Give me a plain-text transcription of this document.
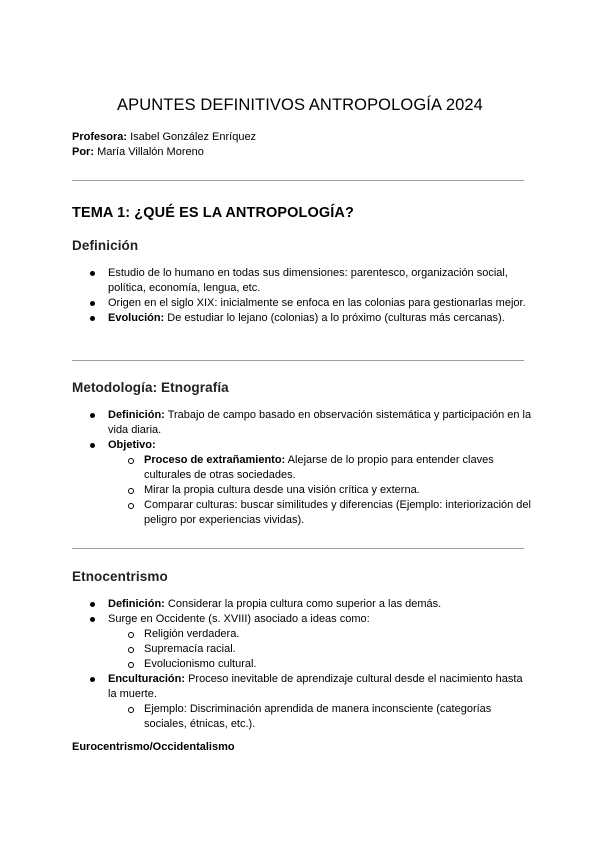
APUNTES DEFINITIVOS ANTROPOLOGÍA 2024
Profesora: Isabel González Enríquez
Por: María Villalón Moreno
TEMA 1: ¿QUÉ ES LA ANTROPOLOGÍA?
Definición
Estudio de lo humano en todas sus dimensiones: parentesco, organización social, política, economía, lengua, etc.
Origen en el siglo XIX: inicialmente se enfoca en las colonias para gestionarlas mejor.
Evolución: De estudiar lo lejano (colonias) a lo próximo (culturas más cercanas).
Metodología: Etnografía
Definición: Trabajo de campo basado en observación sistemática y participación en la vida diaria.
Objetivo:
Proceso de extrañamiento: Alejarse de lo propio para entender claves culturales de otras sociedades.
Mirar la propia cultura desde una visión crítica y externa.
Comparar culturas: buscar similitudes y diferencias (Ejemplo: interiorización del peligro por experiencias vividas).
Etnocentrismo
Definición: Considerar la propia cultura como superior a las demás.
Surge en Occidente (s. XVIII) asociado a ideas como:
Religión verdadera.
Supremacía racial.
Evolucionismo cultural.
Enculturación: Proceso inevitable de aprendizaje cultural desde el nacimiento hasta la muerte.
Ejemplo: Discriminación aprendida de manera inconsciente (categorías sociales, étnicas, etc.).
Eurocentrismo/Occidentalismo
